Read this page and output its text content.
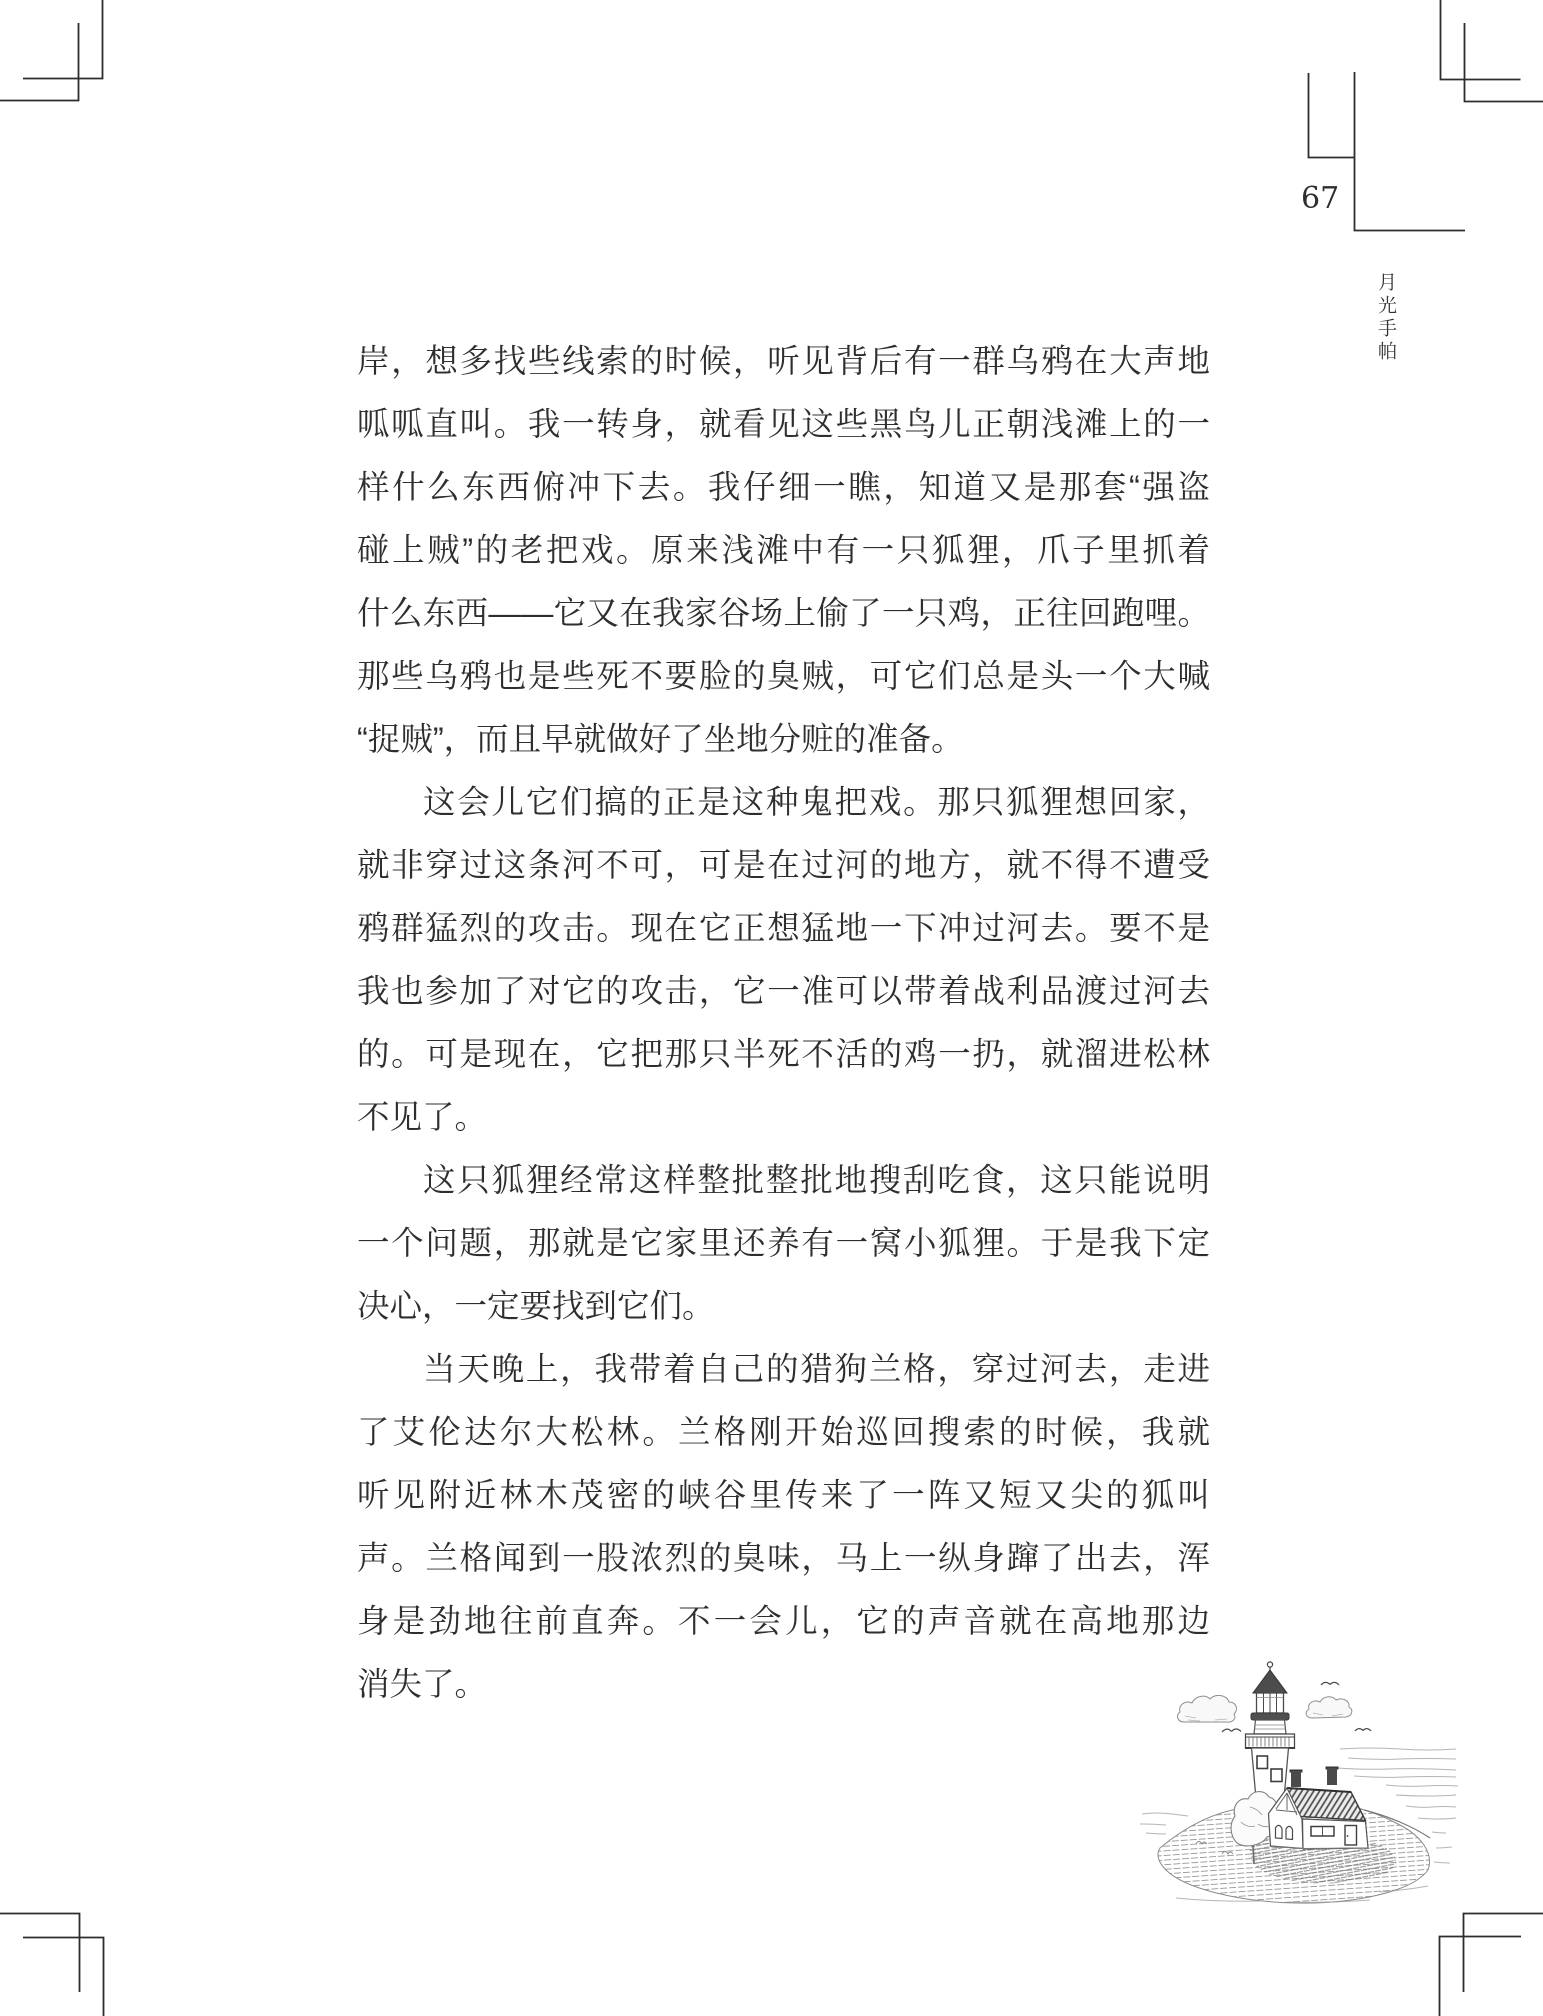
67
月光手帕
岸，想多找些线索的时候，听见背后有一群乌鸦在大声地
呱呱直叫。我一转身，就看见这些黑鸟儿正朝浅滩上的一
样什么东西俯冲下去。我仔细一瞧，知道又是那套“强盗
碰上贼”的老把戏。原来浅滩中有一只狐狸，爪子里抓着
什么东西——它又在我家谷场上偷了一只鸡，正往回跑哩。
那些乌鸦也是些死不要脸的臭贼，可它们总是头一个大喊
“捉贼”，而且早就做好了坐地分赃的准备。
这会儿它们搞的正是这种鬼把戏。那只狐狸想回家，
就非穿过这条河不可，可是在过河的地方，就不得不遭受
鸦群猛烈的攻击。现在它正想猛地一下冲过河去。要不是
我也参加了对它的攻击，它一准可以带着战利品渡过河去
的。可是现在，它把那只半死不活的鸡一扔，就溜进松林
不见了。
这只狐狸经常这样整批整批地搜刮吃食，这只能说明
一个问题，那就是它家里还养有一窝小狐狸。于是我下定
决心，一定要找到它们。
当天晚上，我带着自己的猎狗兰格，穿过河去，走进
了艾伦达尔大松林。兰格刚开始巡回搜索的时候，我就
听见附近林木茂密的峡谷里传来了一阵又短又尖的狐叫
声。兰格闻到一股浓烈的臭味，马上一纵身蹿了出去，浑
身是劲地往前直奔。不一会儿，它的声音就在高地那边
消失了。
